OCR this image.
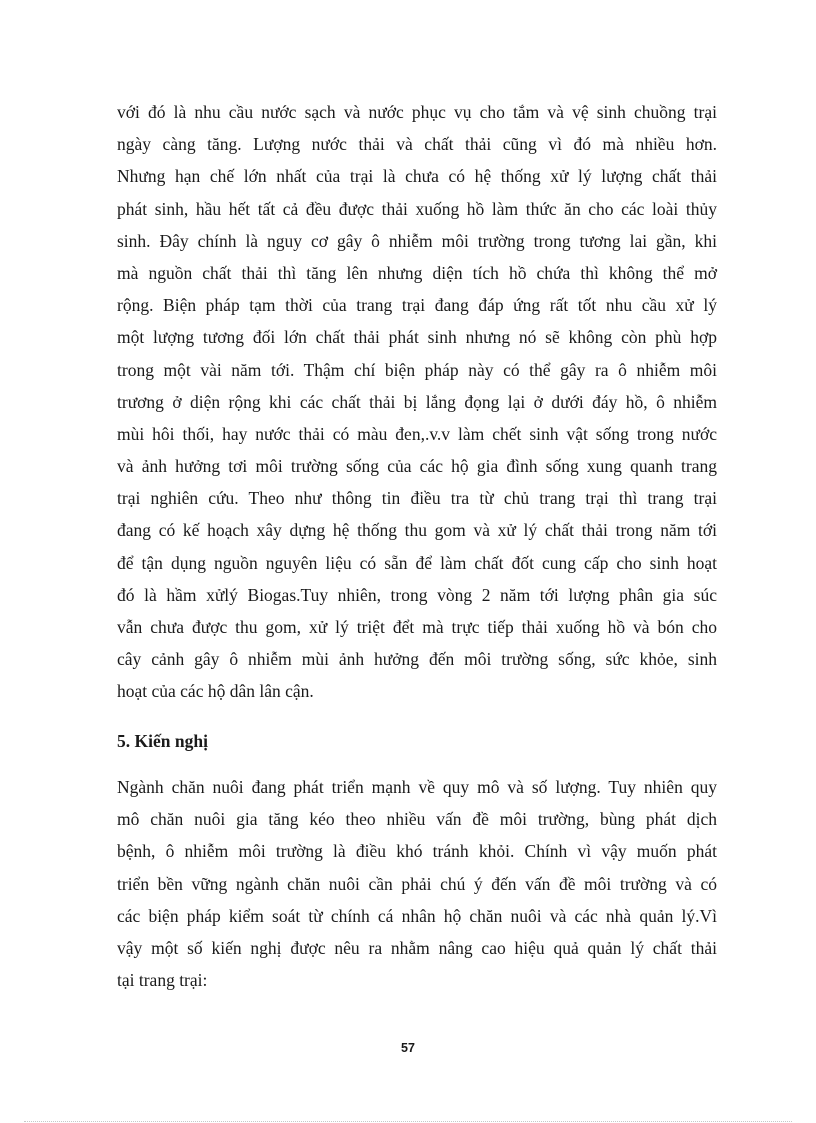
với đó là nhu cầu nước sạch và nước phục vụ cho tắm và vệ sinh chuồng trại
ngày càng tăng. Lượng nước thải và chất thải cũng vì đó mà nhiều hơn.
Nhưng hạn chế lớn nhất của trại là chưa có hệ thống xử lý lượng chất thải
phát sinh, hầu hết tất cả đều được thải xuống hồ làm thức ăn cho các loài thủy
sinh. Đây chính là nguy cơ gây ô nhiễm môi trường trong tương lai gần, khi
mà nguồn chất thải thì tăng lên nhưng diện tích hồ chứa thì không thể mở
rộng. Biện pháp tạm thời của trang trại đang đáp ứng rất tốt nhu cầu xử lý
một lượng tương đối lớn chất thải phát sinh nhưng nó sẽ không còn phù hợp
trong một vài năm tới. Thậm chí biện pháp này có thể gây ra ô nhiễm môi
trương ở diện rộng khi các chất thải bị lắng đọng lại ở dưới đáy hồ, ô nhiễm
mùi hôi thối, hay nước thải có màu đen,.v.v làm chết sinh vật sống trong nước
và ảnh hưởng tơi môi trường sống của các hộ gia đình sống xung quanh trang
trại nghiên cứu. Theo như thông tin điều tra từ chủ trang trại thì trang trại
đang có kế hoạch xây dựng hệ thống thu gom và xử lý chất thải trong năm tới
để tận dụng nguồn nguyên liệu có sẵn để làm chất đốt cung cấp cho sinh hoạt
đó là hầm xửlý Biogas.Tuy nhiên, trong vòng 2 năm tới lượng phân gia súc
vẫn chưa được thu gom, xử lý triệt đểt mà trực tiếp thải xuống hồ và bón cho
cây cảnh gây ô nhiễm mùi ảnh hưởng đến môi trường sống, sức khỏe, sinh
hoạt của các hộ dân lân cận.
5. Kiến nghị
Ngành chăn nuôi đang phát triển mạnh về quy mô và số lượng. Tuy nhiên quy
mô chăn nuôi gia tăng kéo theo nhiều vấn đề môi trường, bùng phát dịch
bệnh, ô nhiễm môi trường là điều khó tránh khỏi. Chính vì vậy muốn phát
triển bền vững ngành chăn nuôi cần phải chú ý đến vấn đề môi trường và có
các biện pháp kiểm soát từ chính cá nhân hộ chăn nuôi và các nhà quản lý.Vì
vậy một số kiến nghị được nêu ra nhằm nâng cao hiệu quả quản lý chất thải
tại trang trại:
57
